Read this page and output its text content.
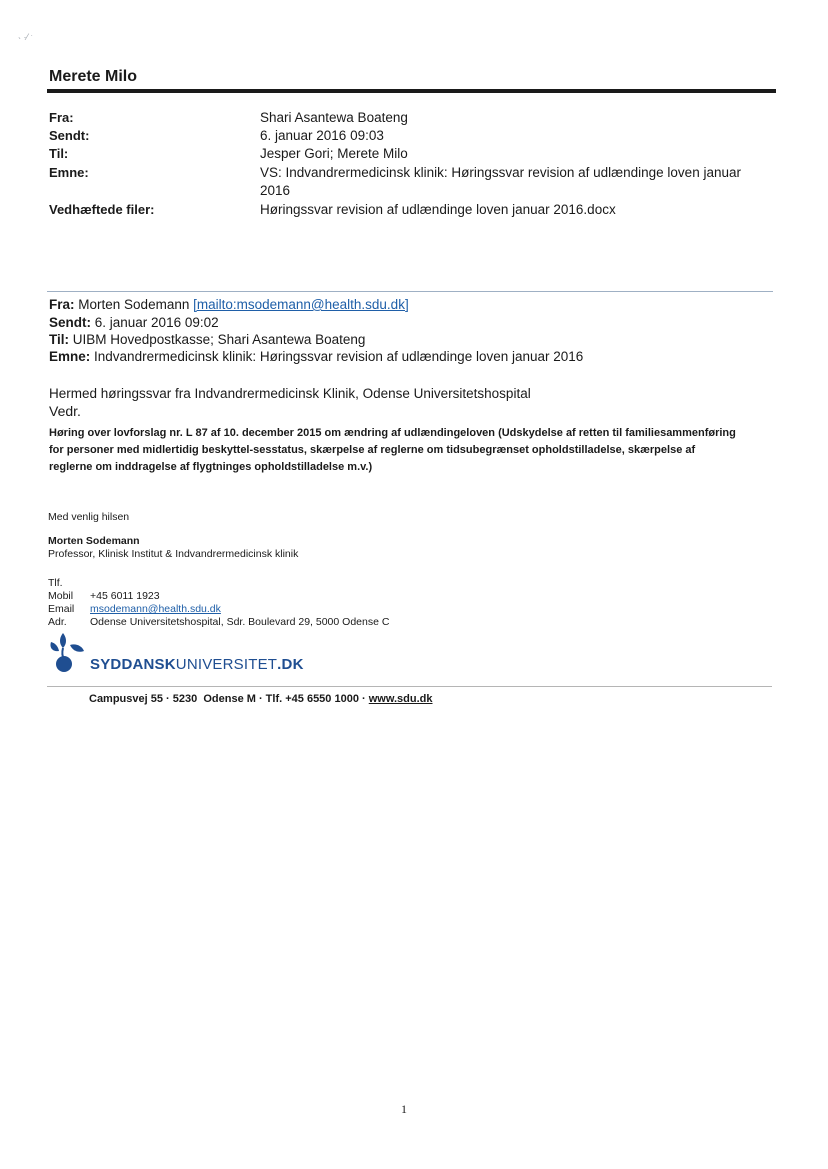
˴ ·⁄ ˑ
Merete Milo
Fra:	Shari Asantewa Boateng
Sendt:	6. januar 2016 09:03
Til:	Jesper Gori; Merete Milo
Emne:	VS: Indvandrermedicinsk klinik: Høringssvar revision af udlændinge loven januar 2016
Vedhæftede filer:	Høringssvar revision af udlændinge loven januar 2016.docx
Fra: Morten Sodemann [mailto:msodemann@health.sdu.dk]
Sendt: 6. januar 2016 09:02
Til: UIBM Hovedpostkasse; Shari Asantewa Boateng
Emne: Indvandrermedicinsk klinik: Høringssvar revision af udlændinge loven januar 2016
Hermed høringssvar fra Indvandrermedicinsk Klinik, Odense Universitetshospital
Vedr.
Høring over lovforslag nr. L 87 af 10. december 2015 om ændring af udlændingeloven (Udskydelse af retten til familiesammenføring for personer med midlertidig beskyttel-sesstatus, skærpelse af reglerne om tidsubegrænset opholdstilladelse, skærpelse af reglerne om inddragelse af flygtninges opholdstilladelse m.v.)
Med venlig hilsen
Morten Sodemann
Professor, Klinisk Institut & Indvandrermedicinsk klinik
Tlf.
Mobil +45 6011 1923
Email msodemann@health.sdu.dk
Adr. Odense Universitetshospital, Sdr. Boulevard 29, 5000 Odense C
SYDDANSKUNIVERSITET.DK
Campusvej 55 · 5230  Odense M · Tlf. +45 6550 1000 · www.sdu.dk
1
